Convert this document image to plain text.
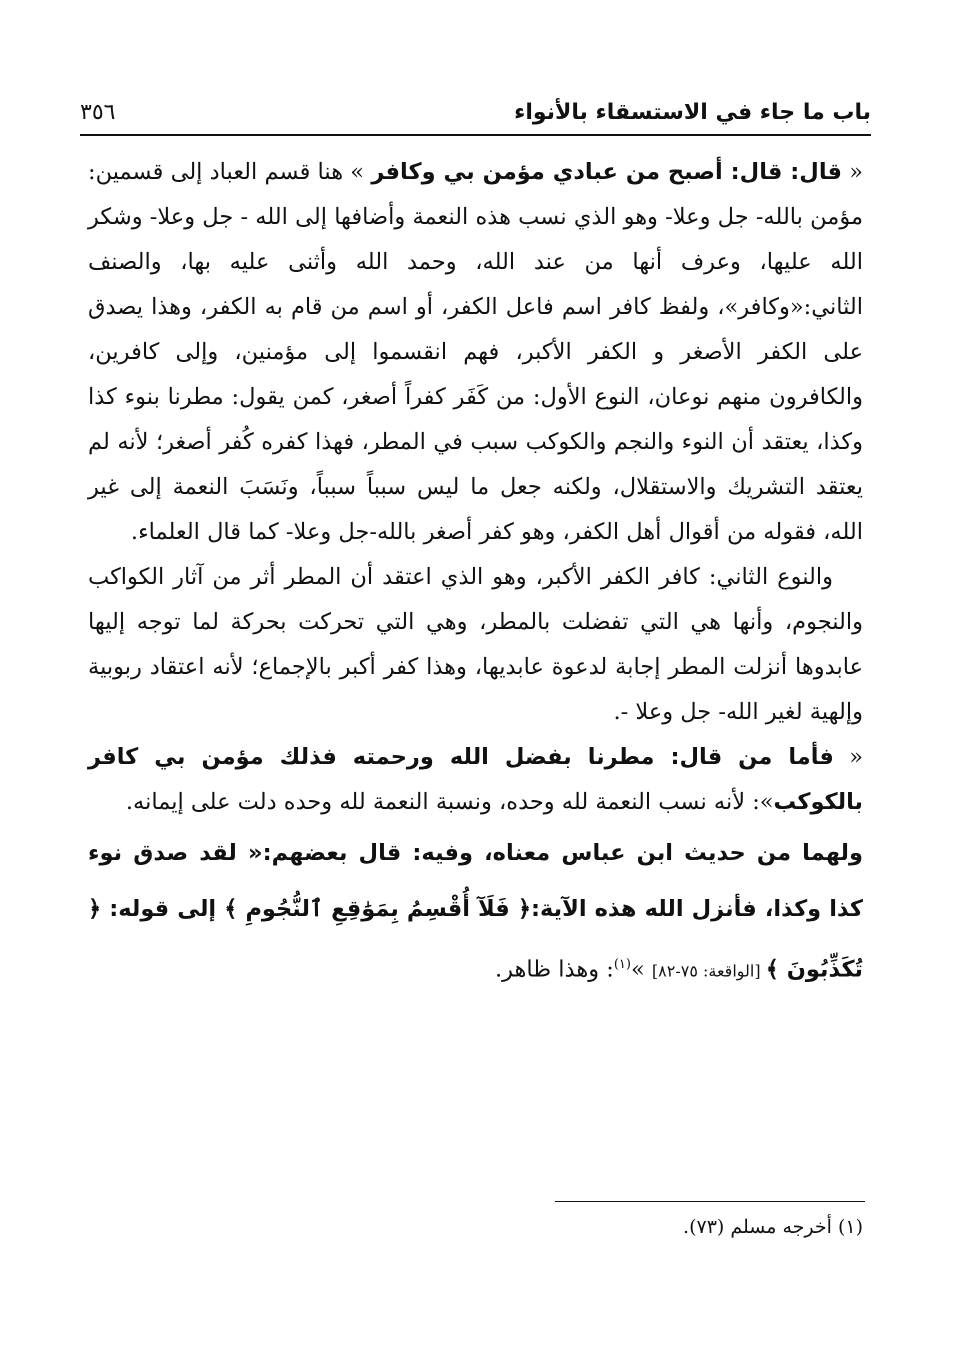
باب ما جاء في الاستسقاء بالأنواء
٣٥٦

« قال: قال: أصبح من عبادي مؤمن بي وكافر » هنا قسم العباد إلى قسمين: مؤمن بالله- جل وعلا- وهو الذي نسب هذه النعمة وأضافها إلى الله - جل وعلا- وشكر الله عليها، وعرف أنها من عند الله، وحمد الله وأثنى عليه بها، والصنف الثاني:«وكافر»، ولفظ كافر اسم فاعل الكفر، أو اسم من قام به الكفر، وهذا يصدق على الكفر الأصغر و الكفر الأكبر، فهم انقسموا إلى مؤمنين، وإلى كافرين، والكافرون منهم نوعان، النوع الأول: من كَفَر كفراً أصغر، كمن يقول: مطرنا بنوء كذا وكذا، يعتقد أن النوء والنجم والكوكب سبب في المطر، فهذا كفره كُفر أصغر؛ لأنه لم يعتقد التشريك والاستقلال، ولكنه جعل ما ليس سبباً سبباً، ونَسَبَ النعمة إلى غير الله، فقوله من أقوال أهل الكفر، وهو كفر أصغر بالله-جل وعلا- كما قال العلماء.

والنوع الثاني: كافر الكفر الأكبر، وهو الذي اعتقد أن المطر أثر من آثار الكواكب والنجوم، وأنها هي التي تفضلت بالمطر، وهي التي تحركت بحركة لما توجه إليها عابدوها أنزلت المطر إجابة لدعوة عابديها، وهذا كفر أكبر بالإجماع؛ لأنه اعتقاد ربوبية وإلهية لغير الله- جل وعلا -.

« فأما من قال: مطرنا بفضل الله ورحمته فذلك مؤمن بي كافر بالكوكب»: لأنه نسب النعمة لله وحده، ونسبة النعمة لله وحده دلت على إيمانه.

ولهما من حديث ابن عباس معناه، وفيه: قال بعضهم:« لقد صدق نوء كذا وكذا، فأنزل الله هذه الآية:﴿ فَلَآ أُقْسِمُ بِمَوَٰقِعِ ٱلنُّجُومِ ﴾ إلى قوله: ﴿ تُكَذِّبُونَ ﴾ [الواقعة: ٧٥-٨٢] »$^{(١)}$: وهذا ظاهر.

(١) أخرجه مسلم (٧٣).
